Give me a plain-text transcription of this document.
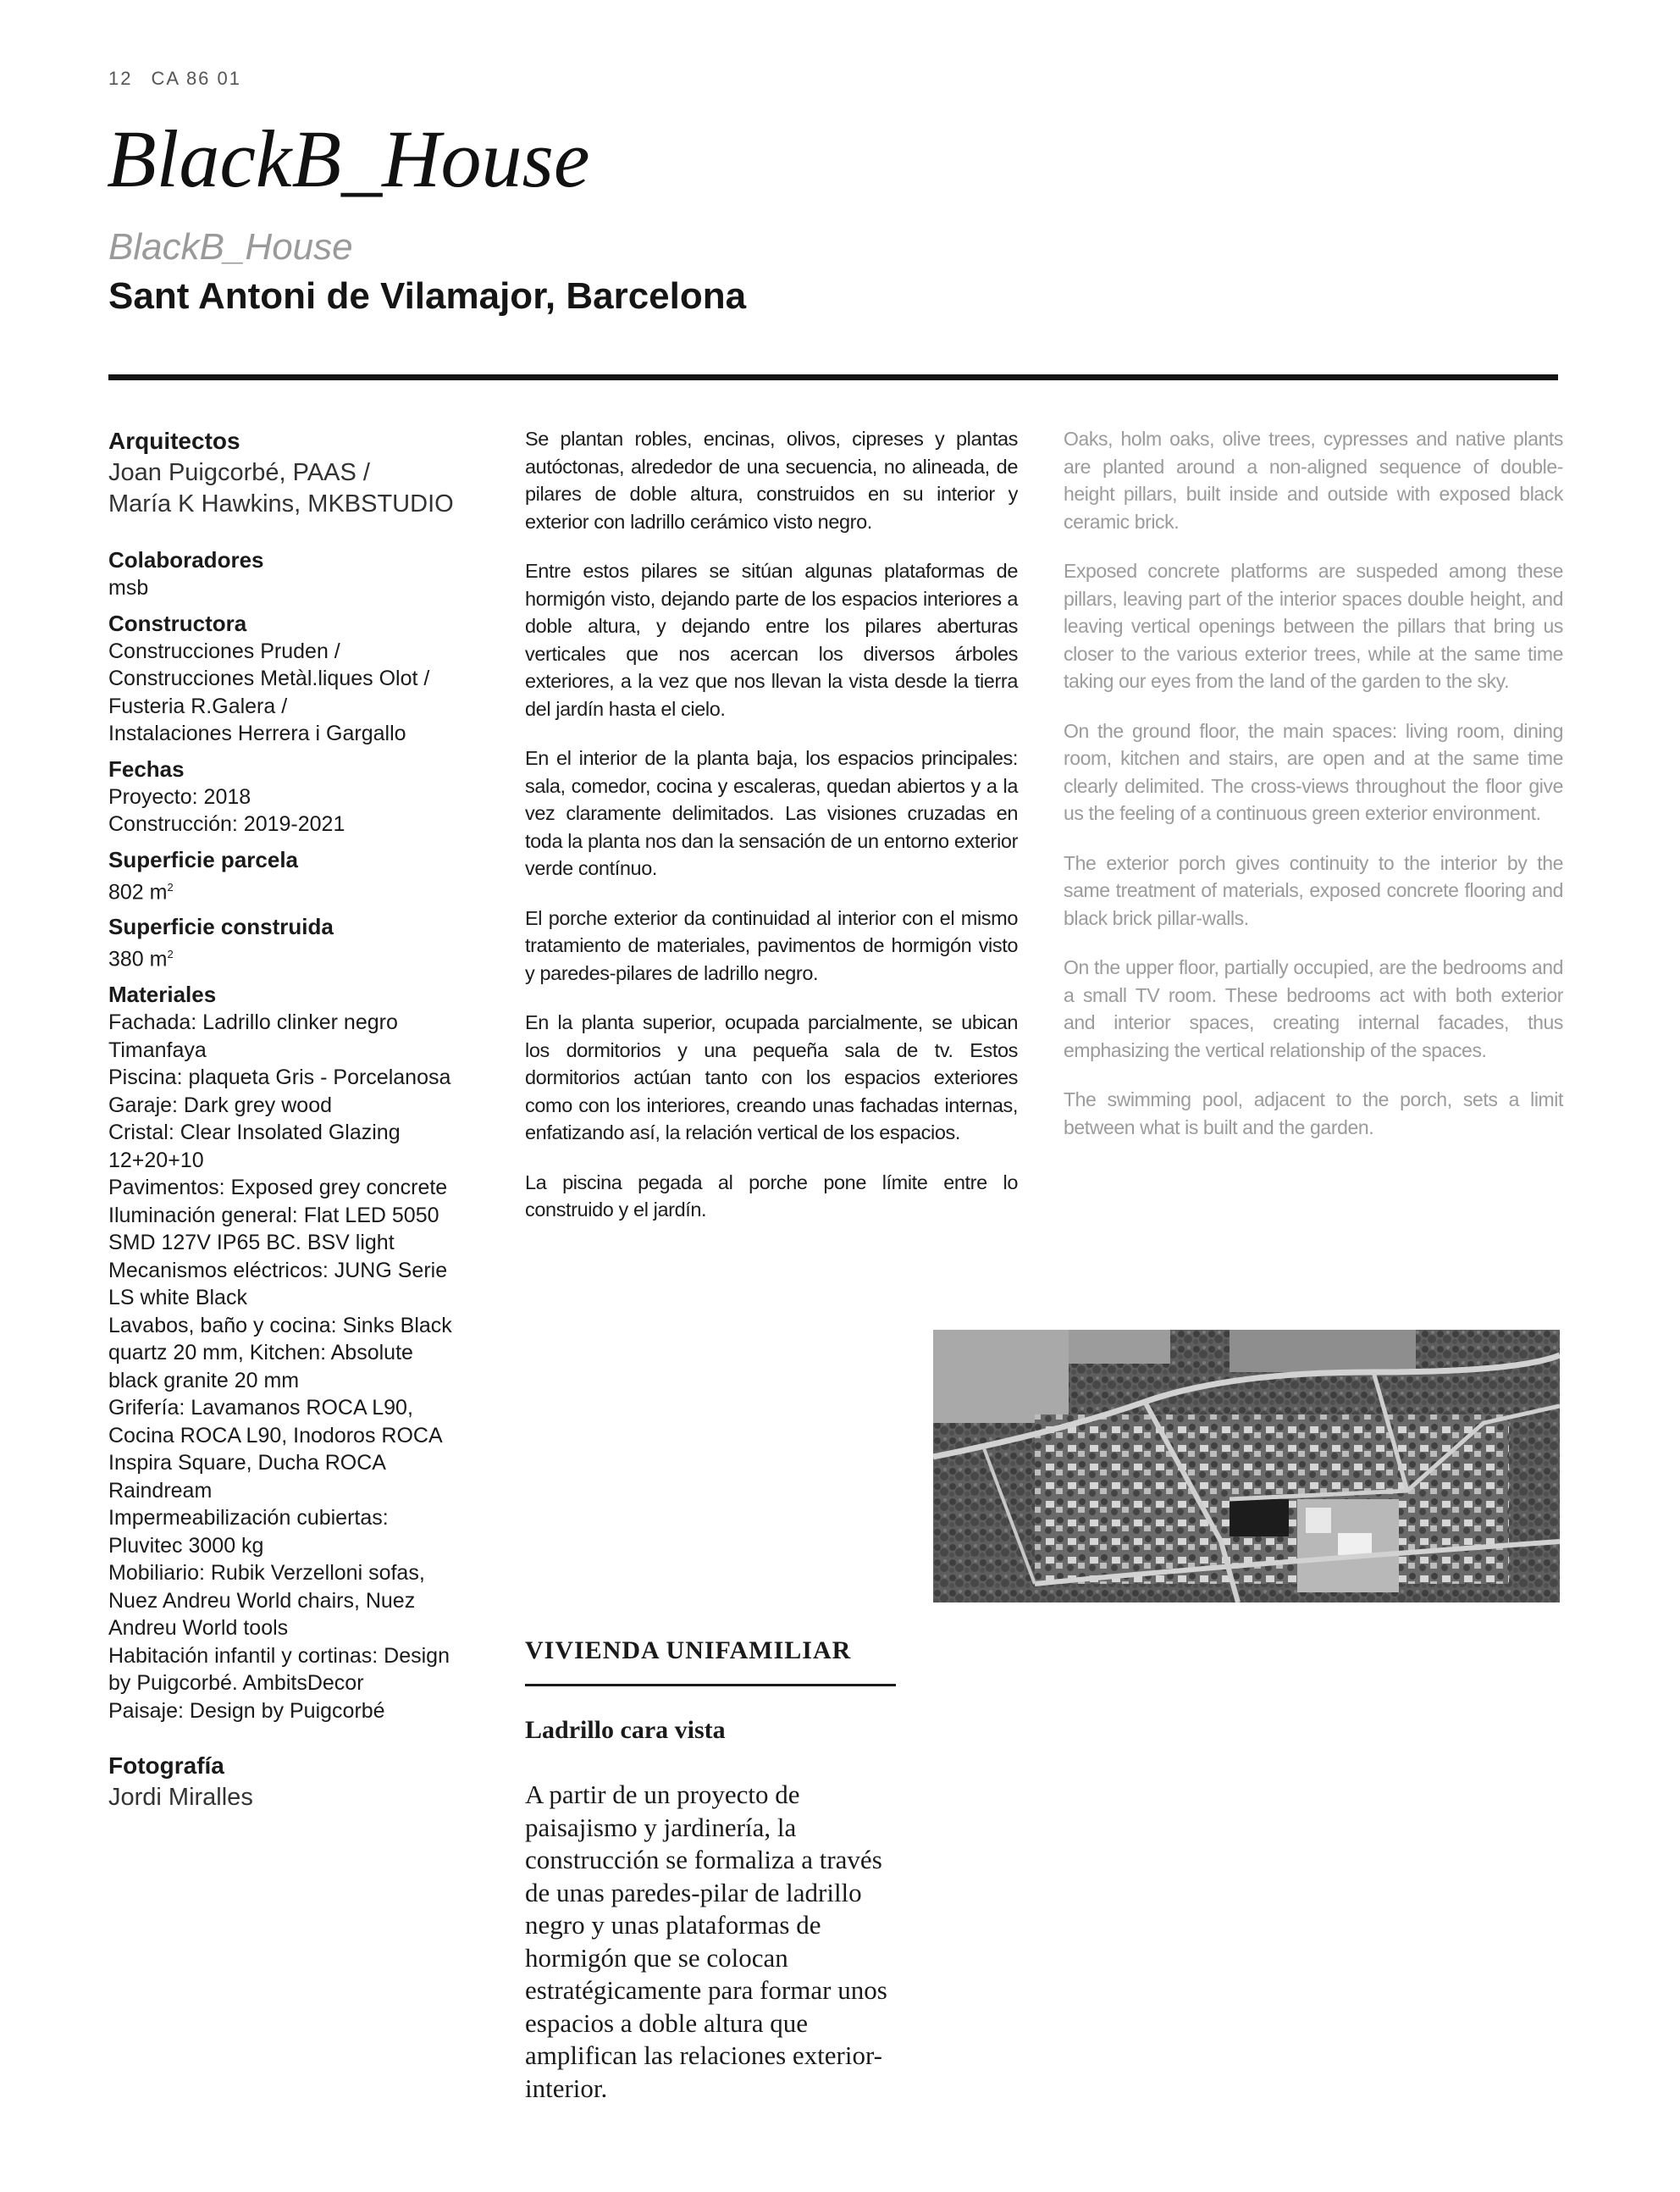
12 CA 86 01
BlackB_House
BlackB_House
Sant Antoni de Vilamajor, Barcelona
Arquitectos

Joan Puigcorbé, PAAS /

María K Hawkins, MKBSTUDIO

Colaboradores

msb

Constructora

Construcciones Pruden /

Construcciones Metàl.liques Olot /

Fusteria R.Galera /

Instalaciones Herrera i Gargallo

Fechas

Proyecto: 2018

Construcción: 2019-2021

Superficie parcela

802 $m^2$

Superficie construida

380 $m^2$

Materiales

Fachada: Ladrillo clinker negro

Timanfaya

Piscina: plaqueta Gris - Porcelanosa

Garaje: Dark grey wood

Cristal: Clear Insolated Glazing

12+20+10

Pavimentos: Exposed grey concrete

Iluminación general: Flat LED 5050

SMD 127V IP65 BC. BSV light

Mecanismos eléctricos: JUNG Serie

LS white Black

Lavabos, baño y cocina: Sinks Black

quartz 20 mm, Kitchen: Absolute

black granite 20 mm

Grifería: Lavamanos ROCA L90,

Cocina ROCA L90, Inodoros ROCA

Inspira Square, Ducha ROCA

Raindream

Impermeabilización cubiertas:

Pluvitec 3000 kg

Mobiliario: Rubik Verzelloni sofas,

Nuez Andreu World chairs, Nuez

Andreu World tools

Habitación infantil y cortinas: Design

by Puigcorbé. AmbitsDecor

Paisaje: Design by Puigcorbé

Fotografía

Jordi Miralles

Se plantan robles, encinas, olivos, cipreses y plantas autóctonas, alrededor de una secuencia, no alineada, de pilares de doble altura, construidos en su interior y exterior con ladrillo cerámico visto negro.

Entre estos pilares se sitúan algunas plataformas de hormigón visto, dejando parte de los espacios interiores a doble altura, y dejando entre los pilares aberturas verticales que nos acercan los diversos árboles exteriores, a la vez que nos llevan la vista desde la tierra del jardín hasta el cielo.

En el interior de la planta baja, los espacios principales: sala, comedor, cocina y escaleras, quedan abiertos y a la vez claramente delimitados. Las visiones cruzadas en toda la planta nos dan la sensación de un entorno exterior verde contínuo.

El porche exterior da continuidad al interior con el mismo tratamiento de materiales, pavimentos de hormigón visto y paredes-pilares de ladrillo negro.

En la planta superior, ocupada parcialmente, se ubican los dormitorios y una pequeña sala de tv. Estos dormitorios actúan tanto con los espacios exteriores como con los interiores, creando unas fachadas internas, enfatizando así, la relación vertical de los espacios.

La piscina pegada al porche pone límite entre lo construido y el jardín.

Oaks, holm oaks, olive trees, cypresses and native plants are planted around a non-aligned sequence of double-height pillars, built inside and outside with exposed black ceramic brick.

Exposed concrete platforms are suspeded among these pillars, leaving part of the interior spaces double height, and leaving vertical openings between the pillars that bring us closer to the various exterior trees, while at the same time taking our eyes from the land of the garden to the sky.

On the ground floor, the main spaces: living room, dining room, kitchen and stairs, are open and at the same time clearly delimited. The cross-views throughout the floor give us the feeling of a continuous green exterior environment.

The exterior porch gives continuity to the interior by the same treatment of materials, exposed concrete flooring and black brick pillar-walls.

On the upper floor, partially occupied, are the bedrooms and a small TV room. These bedrooms act with both exterior and interior spaces, creating internal facades, thus emphasizing the vertical relationship of the spaces.

The swimming pool, adjacent to the porch, sets a limit between what is built and the garden.

VIVIENDA UNIFAMILIAR
Ladrillo cara vista

A partir de un proyecto de paisajismo y jardinería, la construcción se formaliza a través de unas paredes-pilar de ladrillo negro y unas plataformas de hormigón que se colocan estratégicamente para formar unos espacios a doble altura que amplifican las relaciones exterior-interior.
